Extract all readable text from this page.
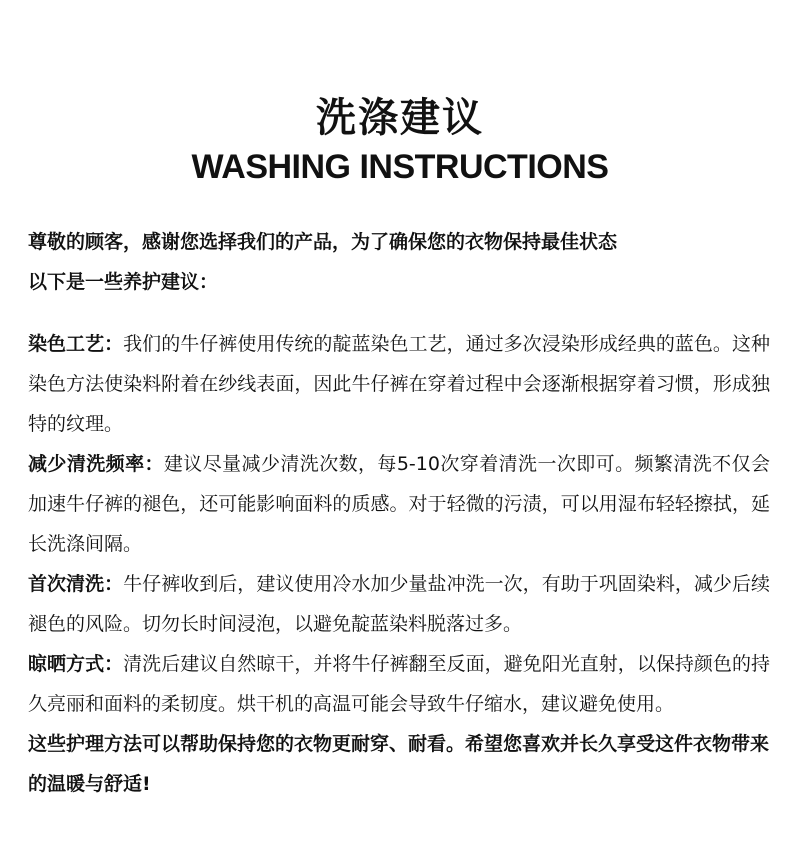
洗涤建议
WASHING INSTRUCTIONS

尊敬的顾客，感谢您选择我们的产品，为了确保您的衣物保持最佳状态
以下是一些养护建议：

染色工艺：我们的牛仔裤使用传统的靛蓝染色工艺，通过多次浸染形成经典的蓝色。这种染色方法使染料附着在纱线表面，因此牛仔裤在穿着过程中会逐渐根据穿着习惯，形成独特的纹理。

减少清洗频率：建议尽量减少清洗次数，每5-10次穿着清洗一次即可。频繁清洗不仅会加速牛仔裤的褪色，还可能影响面料的质感。对于轻微的污渍，可以用湿布轻轻擦拭，延长洗涤间隔。

首次清洗：牛仔裤收到后，建议使用冷水加少量盐冲洗一次，有助于巩固染料，减少后续褪色的风险。切勿长时间浸泡，以避免靛蓝染料脱落过多。

晾晒方式：清洗后建议自然晾干，并将牛仔裤翻至反面，避免阳光直射，以保持颜色的持久亮丽和面料的柔韧度。烘干机的高温可能会导致牛仔缩水，建议避免使用。

这些护理方法可以帮助保持您的衣物更耐穿、耐看。希望您喜欢并长久享受这件衣物带来的温暖与舒适!
